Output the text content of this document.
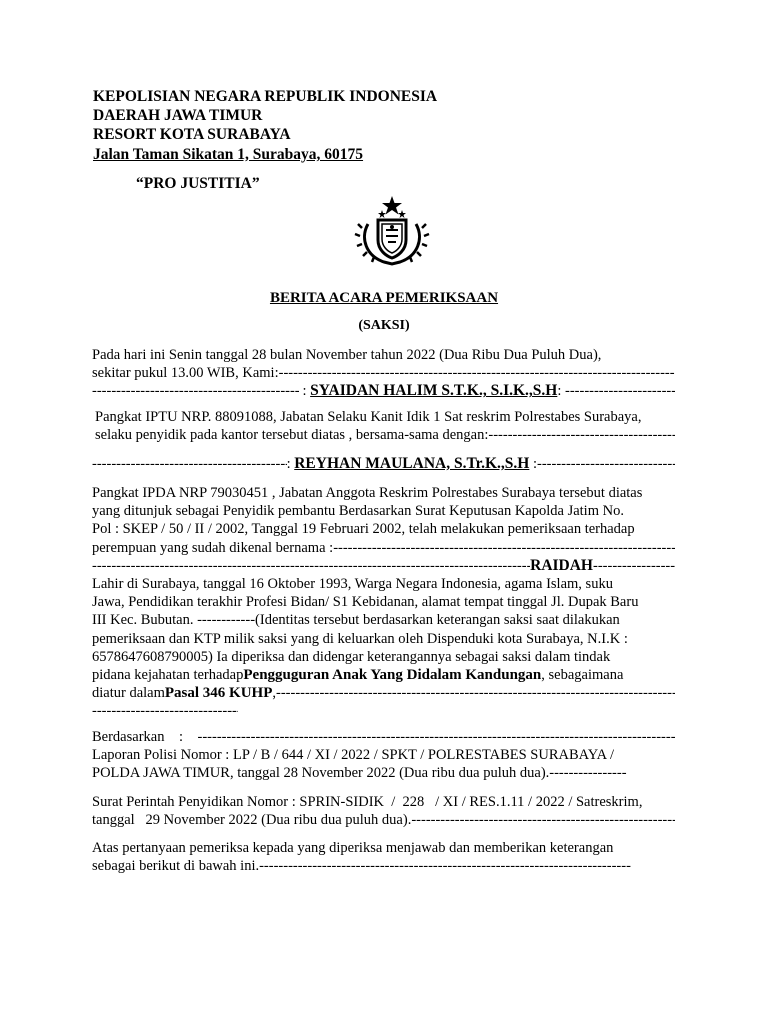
KEPOLISIAN NEGARA REPUBLIK INDONESIA
DAERAH JAWA TIMUR
RESORT KOTA SURABAYA
Jalan Taman Sikatan 1, Surabaya, 60175
“PRO JUSTITIA”
BERITA ACARA PEMERIKSAAN
(SAKSI)
Pada hari ini Senin tanggal 28 bulan November tahun 2022 (Dua Ribu Dua Puluh Dua),
sekitar pukul 13.00 WIB, Kami:
-----
-----
: SYAIDAN HALIM S.T.K., S.I.K.,S.H :
-----
Pangkat IPTU NRP. 88091088, Jabatan Selaku Kanit Idik 1 Sat reskrim Polrestabes Surabaya,
selaku penyidik pada kantor tersebut diatas , bersama-sama dengan:
-----
-----
: REYHAN MAULANA, S.Tr.K.,S.H :
-----
Pangkat IPDA NRP 79030451 , Jabatan Anggota Reskrim Polrestabes Surabaya tersebut diatas
yang ditunjuk sebagai Penyidik pembantu Berdasarkan Surat Keputusan Kapolda Jatim No.
Pol : SKEP / 50 / II / 2002, Tanggal 19 Februari 2002, telah melakukan pemeriksaan terhadap
perempuan yang sudah dikenal bernama :
-----
-----
RAIDAH
-----
Lahir di Surabaya, tanggal 16 Oktober 1993, Warga Negara Indonesia, agama Islam, suku
Jawa, Pendidikan terakhir Profesi Bidan/ S1 Kebidanan, alamat tempat tinggal Jl. Dupak Baru
III Kec. Bubutan. ------------(Identitas tersebut berdasarkan keterangan saksi saat dilakukan
pemeriksaan dan KTP milik saksi yang di keluarkan oleh Dispenduki kota Surabaya, N.I.K :
6578647608790005) Ia diperiksa dan didengar keterangannya sebagai saksi dalam tindak
pidana kejahatan terhadap Pengguguran Anak Yang Didalam Kandungan , sebagaimana
diatur dalam Pasal 346 KUHP ,
-----
-----
Berdasarkan    :
-----
Laporan Polisi Nomor : LP / B / 644 / XI / 2022 / SPKT / POLRESTABES SURABAYA /
POLDA JAWA TIMUR, tanggal 28 November 2022 (Dua ribu dua puluh dua).----------------
Surat Perintah Penyidikan Nomor : SPRIN-SIDIK  /  228   / XI / RES.1.11 / 2022 / Satreskrim,
tanggal   29 November 2022 (Dua ribu dua puluh dua).
-----
Atas pertanyaan pemeriksa kepada yang diperiksa menjawab dan memberikan keterangan
sebagai berikut di bawah ini.-----------------------------------------------------------------------------
